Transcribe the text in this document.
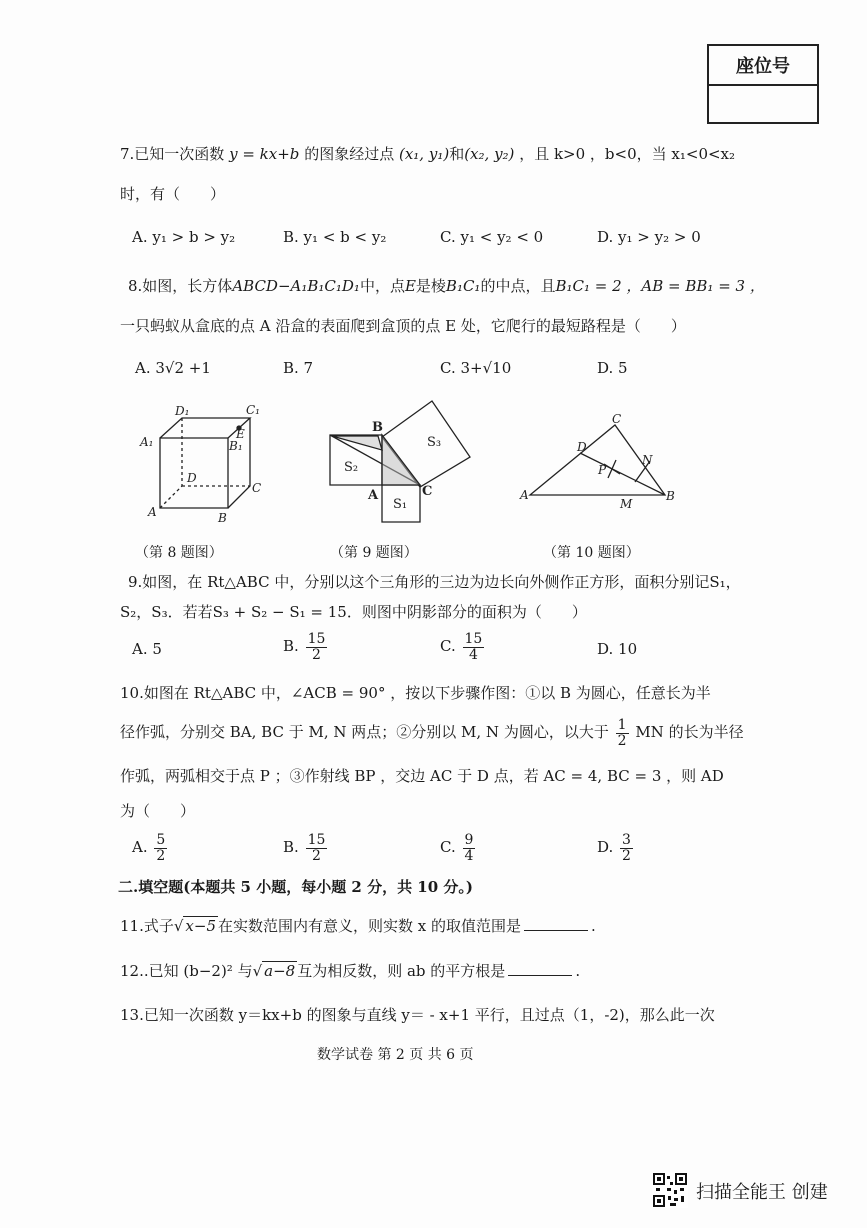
座位号
7.已知一次函数 y = kx+b 的图象经过点 (x₁, y₁)和(x₂, y₂) ，且 k>0 ，b<0，当 x₁<0<x₂
时，有（　　）
A. y₁ > b > y₂	B. y₁ < b < y₂	C. y₁ < y₂ < 0	D. y₁ > y₂ > 0
8.如图，长方体ABCD−A₁B₁C₁D₁中，点E是棱B₁C₁的中点，且B₁C₁ = 2 ，AB = BB₁ = 3 ，
一只蚂蚁从盒底的点 A 沿盒的表面爬到盒顶的点 E 处，它爬行的最短路程是（　　）
A. 3√2 +1	B. 7	C. 3+√10	D. 5
D₁	C₁
A₁
E
B₁
D
C
A	B
B
S₃
S₂
A	C
S₁
C
D
N
P
A
M
B
（第 8 题图）	（第 9 题图）	（第 10 题图）
9.如图，在 Rt△ABC 中，分别以这个三角形的三边为边长向外侧作正方形，面积分别记S₁，
S₂，S₃．若若S₃ + S₂ − S₁ = 15．则图中阴影部分的面积为（　　）
A. 5	B. $\frac{15}{2}$	C. $\frac{15}{4}$	D. 10
10.如图在 Rt△ABC 中，∠ACB = 90° ，按以下步骤作图：①以 B 为圆心，任意长为半
径作弧，分别交 BA, BC 于 M, N 两点；②分别以 M, N 为圆心，以大于 $\frac{1}{2}$ MN 的长为半径
作弧，两弧相交于点 P ；③作射线 BP ，交边 AC 于 D 点，若 AC = 4, BC = 3 ，则 AD
为（　　）
A. $\frac{5}{2}$	B. $\frac{15}{2}$	C. $\frac{9}{4}$	D. $\frac{3}{2}$
二.填空题(本题共 5 小题，每小题 2 分，共 10 分。)
11.式子√ x−5 在实数范围内有意义，则实数 x 的取值范围是	.
12..已知 (b−2)² 与√ a−8 互为相反数，则 ab 的平方根是	.
13.已知一次函数 y＝kx+b 的图象与直线 y＝ - x+1 平行，且过点（1，-2)，那么此一次
数学试卷 第 2 页 共 6 页
扫描全能王 创建
